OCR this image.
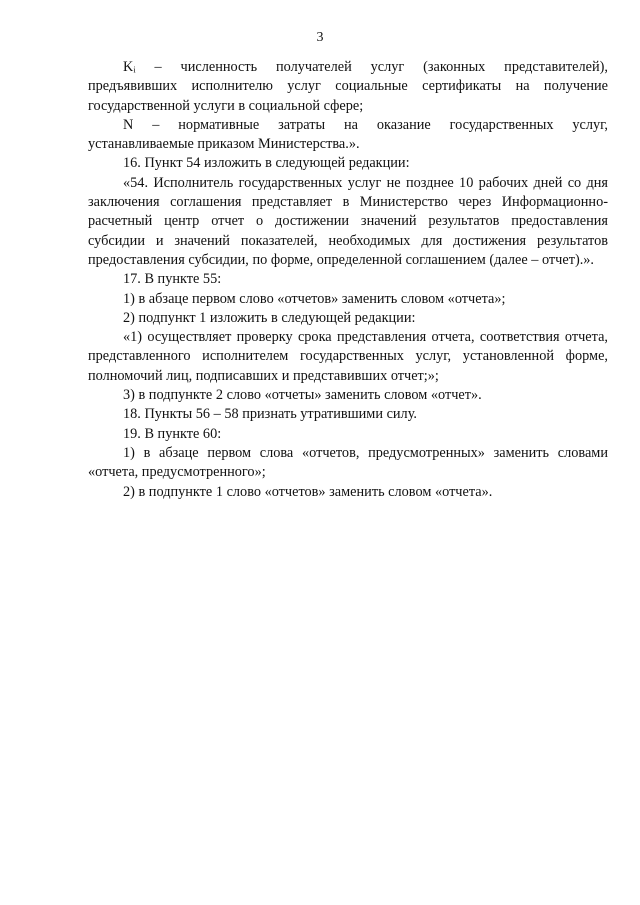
3

Kᵢ – численность получателей услуг (законных представителей), предъявивших исполнителю услуг социальные сертификаты на получение государственной услуги в социальной сфере;

N – нормативные затраты на оказание государственных услуг, устанавливаемые приказом Министерства.».

16. Пункт 54 изложить в следующей редакции:

«54. Исполнитель государственных услуг не позднее 10 рабочих дней со дня заключения соглашения представляет в Министерство через Информационно-расчетный центр отчет о достижении значений результатов предоставления субсидии и значений показателей, необходимых для достижения результатов предоставления субсидии, по форме, определенной соглашением (далее – отчет).».

17. В пункте 55:

1) в абзаце первом слово «отчетов» заменить словом «отчета»;

2) подпункт 1 изложить в следующей редакции:

«1) осуществляет проверку срока представления отчета, соответствия отчета, представленного исполнителем государственных услуг, установленной форме, полномочий лиц, подписавших и представивших отчет;»;

3) в подпункте 2 слово «отчеты» заменить словом «отчет».

18. Пункты 56 – 58 признать утратившими силу.

19. В пункте 60:

1) в абзаце первом слова «отчетов, предусмотренных» заменить словами «отчета, предусмотренного»;

2) в подпункте 1 слово «отчетов» заменить словом «отчета».
